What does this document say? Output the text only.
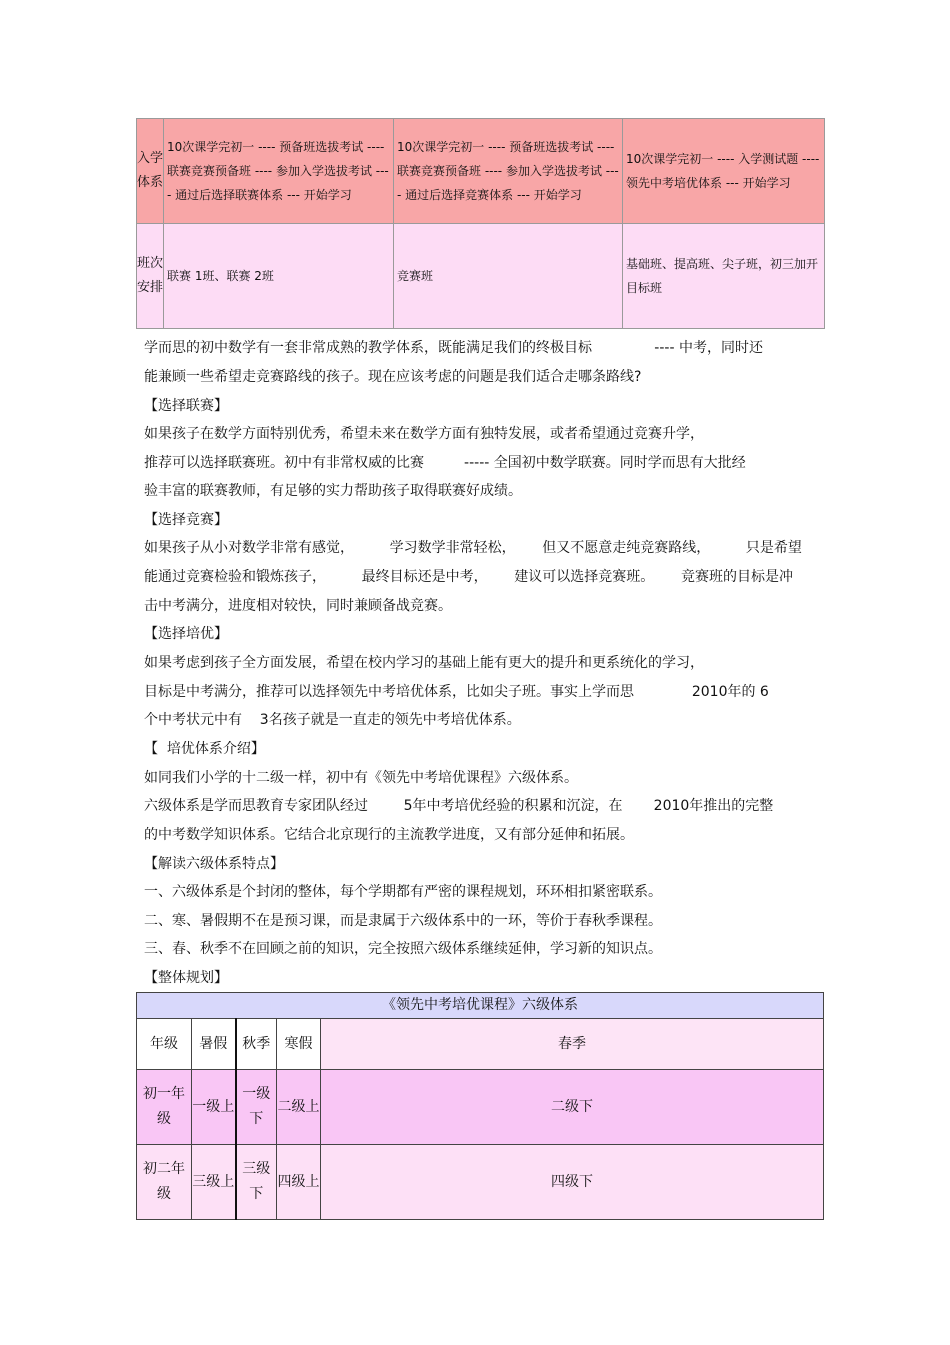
入学体系	10次课学完初一 ---- 预备班选拔考试 ---- 联赛竞赛预备班 ---- 参加入学选拔考试 ---- 通过后选择联赛体系 --- 开始学习	10次课学完初一 ---- 预备班选拔考试 ---- 联赛竞赛预备班 ---- 参加入学选拔考试 ---- 通过后选择竞赛体系 --- 开始学习	10次课学完初一 ---- 入学测试题 ---- 领先中考培优体系 --- 开始学习
班次安排	联赛 1班、联赛 2班	竞赛班	基础班、提高班、尖子班，初三加开目标班
学而思的初中数学有一套非常成熟的教学体系，既能满足我们的终极目标              ---- 中考，同时还
能兼顾一些希望走竞赛路线的孩子。现在应该考虑的问题是我们适合走哪条路线?
【选择联赛】
如果孩子在数学方面特别优秀，希望未来在数学方面有独特发展，或者希望通过竞赛升学，
推荐可以选择联赛班。初中有非常权威的比赛         ----- 全国初中数学联赛。同时学而思有大批经
验丰富的联赛教师，有足够的实力帮助孩子取得联赛好成绩。
【选择竞赛】
如果孩子从小对数学非常有感觉，        学习数学非常轻松，      但又不愿意走纯竞赛路线，        只是希望
能通过竞赛检验和锻炼孩子，        最终目标还是中考，      建议可以选择竞赛班。      竞赛班的目标是冲
击中考满分，进度相对较快，同时兼顾备战竞赛。
【选择培优】
如果考虑到孩子全方面发展，希望在校内学习的基础上能有更大的提升和更系统化的学习，
目标是中考满分，推荐可以选择领先中考培优体系，比如尖子班。事实上学而思             2010年的 6
个中考状元中有    3名孩子就是一直走的领先中考培优体系。
【  培优体系介绍】
如同我们小学的十二级一样，初中有《领先中考培优课程》六级体系。
六级体系是学而思教育专家团队经过        5年中考培优经验的积累和沉淀，在       2010年推出的完整
的中考数学知识体系。它结合北京现行的主流教学进度，又有部分延伸和拓展。
【解读六级体系特点】
一、六级体系是个封闭的整体，每个学期都有严密的课程规划，环环相扣紧密联系。
二、寒、暑假期不在是预习课，而是隶属于六级体系中的一环，等价于春秋季课程。
三、春、秋季不在回顾之前的知识，完全按照六级体系继续延伸，学习新的知识点。
【整体规划】
《领先中考培优课程》六级体系				
年级	暑假	秋季	寒假	春季
初一年级	一级上	一级下	二级上	二级下
初二年级	三级上	三级下	四级上	四级下
